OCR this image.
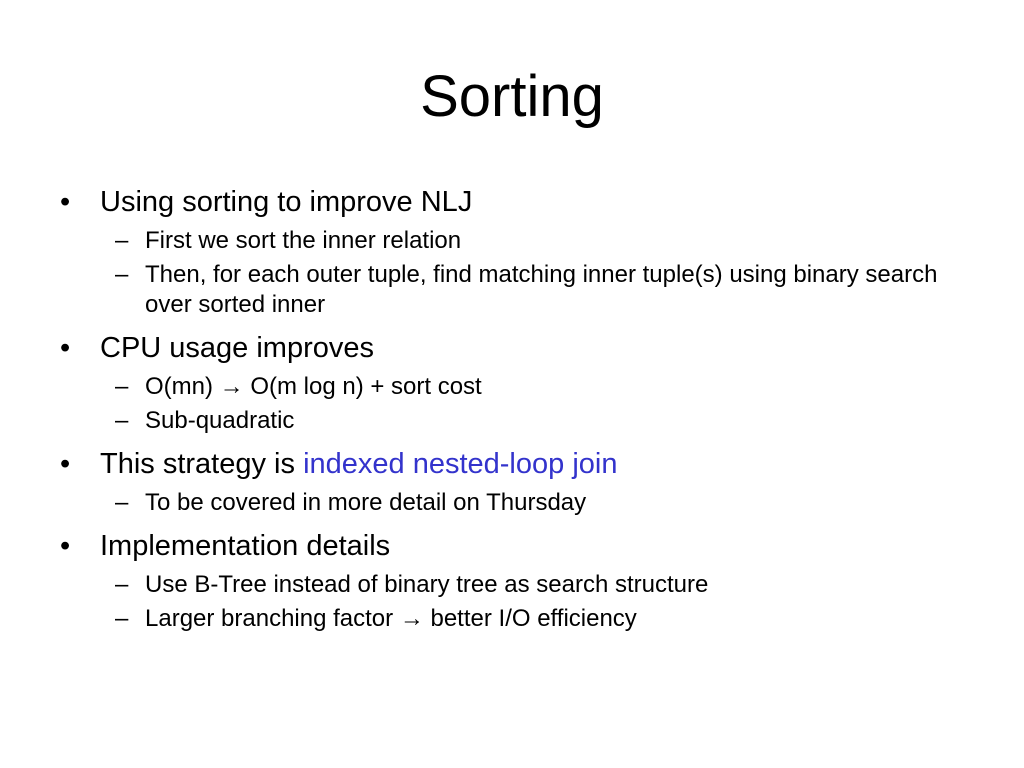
Sorting
•	Using sorting to improve NLJ
– First we sort the inner relation
– Then, for each outer tuple, find matching inner tuple(s) using binary search over sorted inner
•	CPU usage improves
– O(mn) → O(m log n) + sort cost
– Sub-quadratic
•	This strategy is indexed nested-loop join
– To be covered in more detail on Thursday
•	Implementation details
– Use B-Tree instead of binary tree as search structure
– Larger branching factor → better I/O efficiency
